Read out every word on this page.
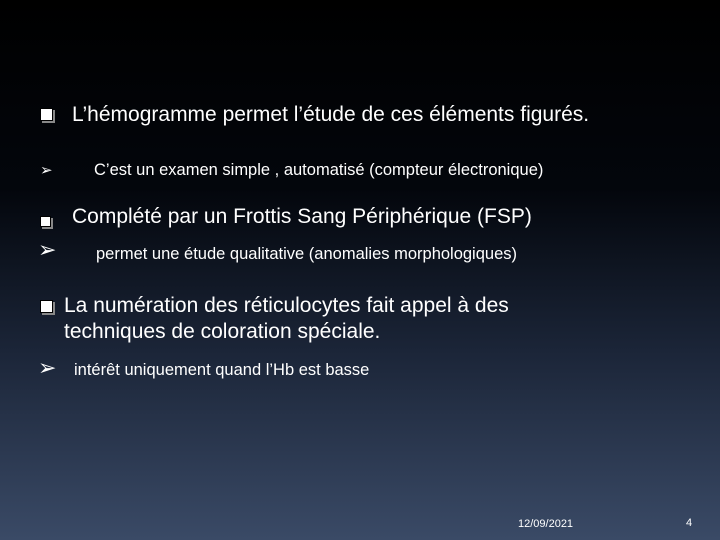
L’hémogramme permet l’étude de ces éléments figurés.
➢	C’est un examen simple , automatisé (compteur électronique)
Complété par un Frottis Sang Périphérique (FSP)
➢ permet une étude qualitative (anomalies morphologiques)
La numération des réticulocytes fait appel à des
techniques de coloration spéciale.
➢ intérêt uniquement quand l’Hb est basse
12/09/2021	4
